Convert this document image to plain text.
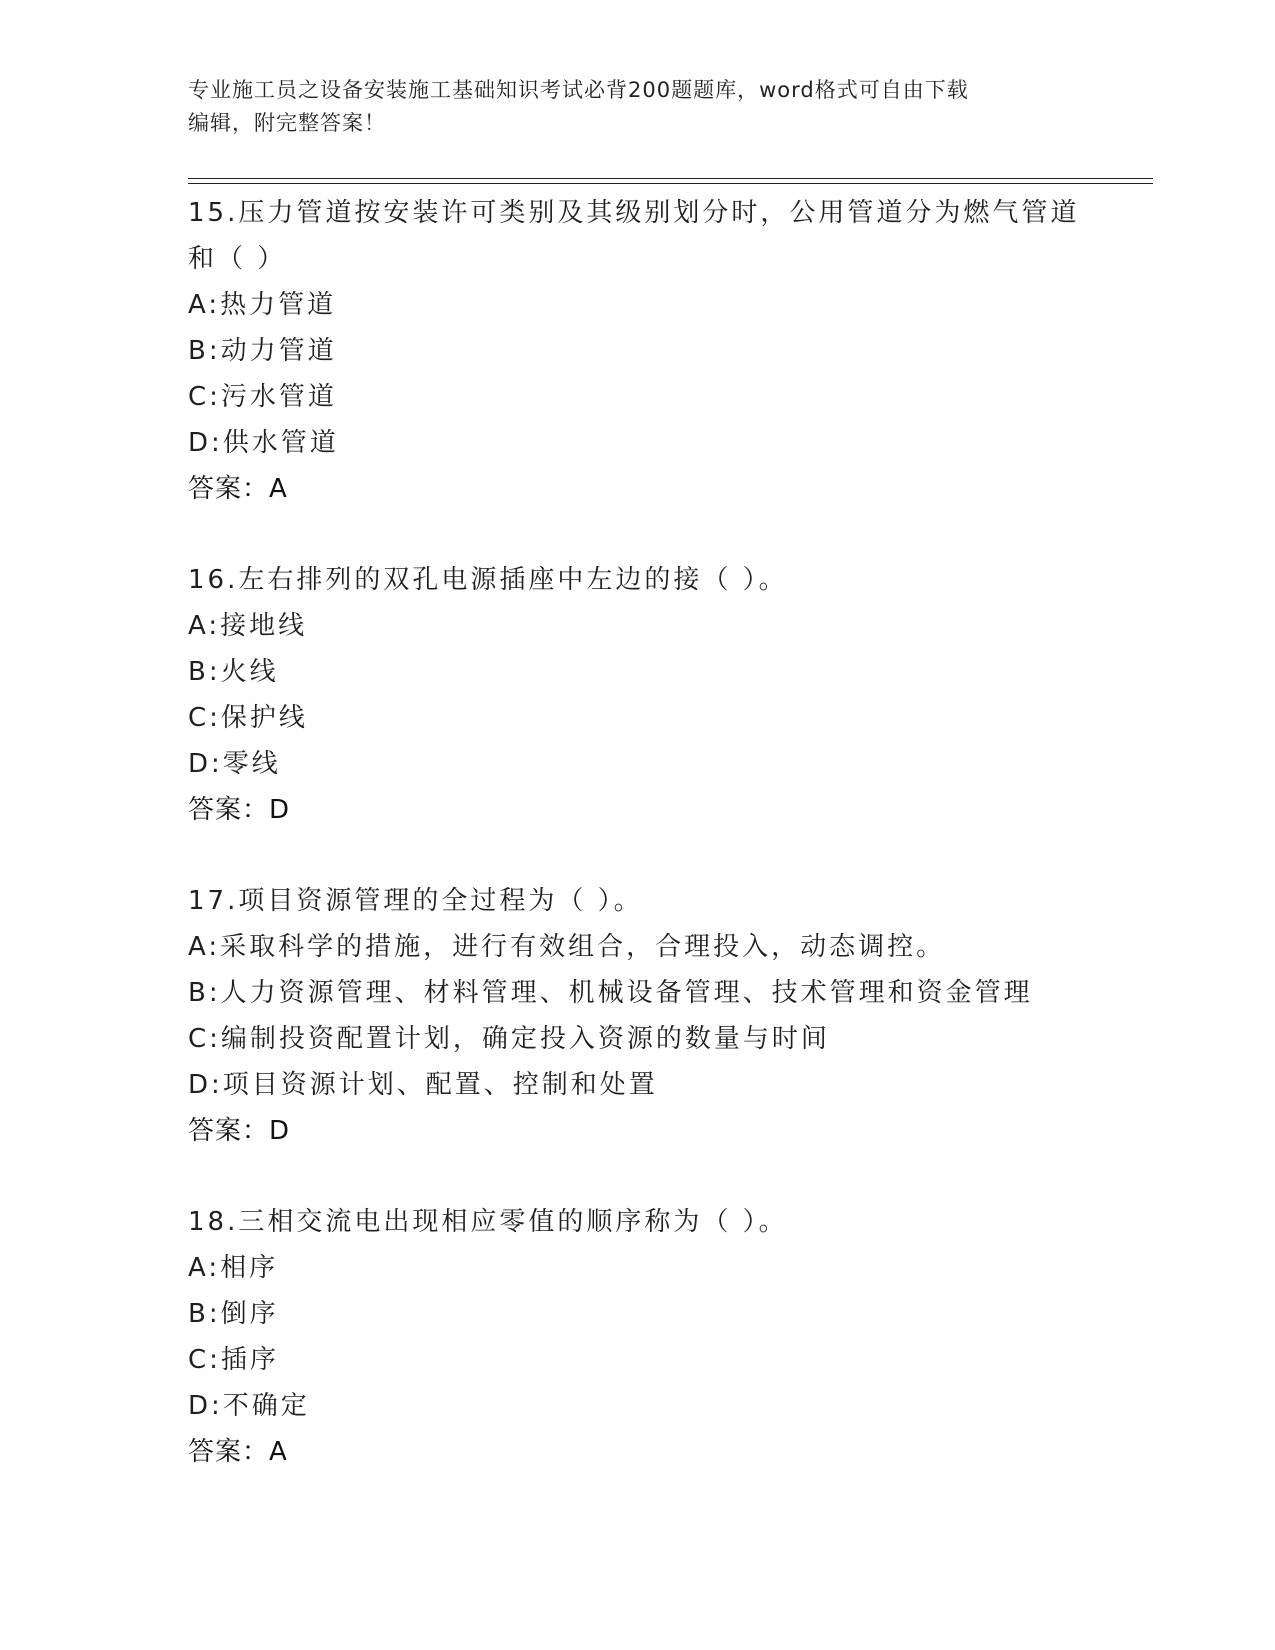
专业施工员之设备安装施工基础知识考试必背200题题库，word格式可自由下载
编辑，附完整答案！
15.压力管道按安装许可类别及其级别划分时，公用管道分为燃气管道
和（ ）
A:热力管道
B:动力管道
C:污水管道
D:供水管道
答案：A
16.左右排列的双孔电源插座中左边的接（ ）。
A:接地线
B:火线
C:保护线
D:零线
答案：D
17.项目资源管理的全过程为（ ）。
A:采取科学的措施，进行有效组合，合理投入，动态调控。
B:人力资源管理、材料管理、机械设备管理、技术管理和资金管理
C:编制投资配置计划，确定投入资源的数量与时间
D:项目资源计划、配置、控制和处置
答案：D
18.三相交流电出现相应零值的顺序称为（ ）。
A:相序
B:倒序
C:插序
D:不确定
答案：A
